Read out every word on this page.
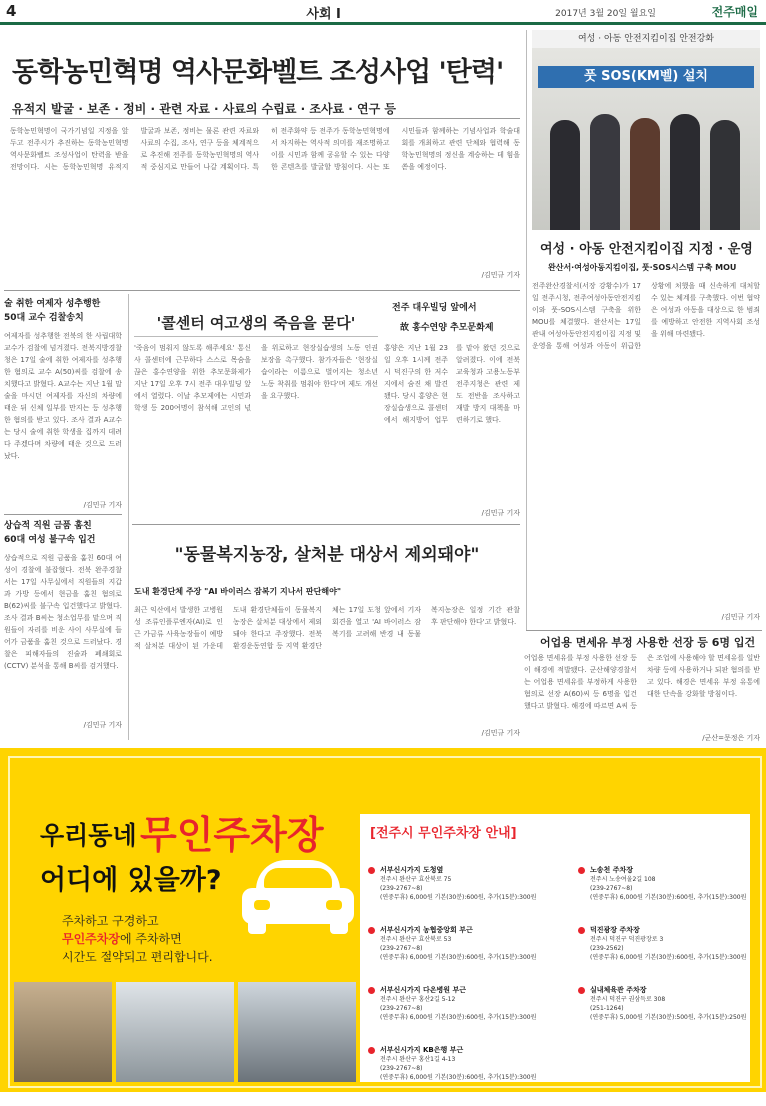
4	사회 I	2017년 3월 20일 월요일	전주매일
동학농민혁명 역사문화벨트 조성사업 '탄력'
유적지 발굴 · 보존 · 정비 · 관련 자료 · 사료의 수립료 · 조사료 · 연구 등
동학농민혁명이 국가기념일 지정을 앞두고 전주시가 추진하는 동학농민혁명 역사문화벨트 조성사업이 탄력을 받을 전망이다. 시는 동학농민혁명 유적지 발굴과 보존, 정비는 물론 관련 자료와 사료의 수집, 조사, 연구 등을 체계적으로 추진해 전주를 동학농민혁명의 역사적 중심지로 만들어 나갈 계획이다. 특히 전주화약 등 전주가 동학농민혁명에서 차지하는 역사적 의미를 재조명하고 이를 시민과 함께 공유할 수 있는 다양한 콘텐츠를 발굴할 방침이다. 시는 또 시민들과 함께하는 기념사업과 학술대회를 개최하고 관련 단체와 협력해 동학농민혁명의 정신을 계승하는 데 힘을 쏟을 예정이다.
/김민규 기자
여성 · 아동 안전지킴이집 안전강화
풋 SOS(KM벨) 설치
여성 · 아동 안전지킴이집 지정 · 운영
완산서·여성아동지킴이집, 풋·SOS시스템 구축 MOU
전주완산경찰서(서장 강황수)가 17일 전주시청, 전주여성아동안전지킴이와 풋-SOS시스템 구축을 위한 MOU를 체결했다. 완산서는 17일 관내 여성아동안전지킴이집 지정 및 운영을 통해 여성과 아동이 위급한 상황에 처했을 때 신속하게 대처할 수 있는 체계를 구축했다. 이번 협약은 여성과 아동을 대상으로 한 범죄를 예방하고 안전한 지역사회 조성을 위해 마련됐다.
/김민규 기자
술 취한 여제자 성추행한
50대 교수 검찰송치
여제자를 성추행한 전북의 한 사립대학 교수가 검찰에 넘겨졌다. 전북지방경찰청은 17일 술에 취한 여제자를 성추행한 혐의로 교수 A(50)씨를 검찰에 송치했다고 밝혔다. A교수는 지난 1월 말 술을 마시던 여제자를 자신의 차량에 태운 뒤 신체 일부를 만지는 등 성추행한 혐의를 받고 있다. 조사 결과 A교수는 당시 술에 취한 학생을 집까지 데려다 주겠다며 차량에 태운 것으로 드러났다.
/김민규 기자
상습적 직원 금품 훔친
60대 여성 불구속 입건
상습적으로 직원 금품을 훔친 60대 여성이 경찰에 불잡혔다. 전북 완주경찰서는 17일 사무실에서 직원들의 지갑과 가방 등에서 현금을 훔친 혐의로 B(62)씨를 불구속 입건했다고 밝혔다. 조사 결과 B씨는 청소업무를 맡으며 직원들이 자리를 비운 사이 사무실에 들어가 금품을 훔친 것으로 드러났다. 경찰은 피해자들의 진술과 폐쇄회로(CCTV) 분석을 통해 B씨를 검거했다.
/김민규 기자
'콜센터 여고생의 죽음을 묻다'
전주 대우빌딩 앞에서
故 홍수연양 추모문화제
'죽음이 멈춰지 않도록 해주세요' 통신사 콜센터에 근무하다 스스로 목숨을 끊은 홍수연양을 위한 추모문화제가 지난 17일 오후 7시 전주 대우빌딩 앞에서 열렸다. 이날 추모제에는 시민과 학생 등 200여명이 참석해 고인의 넋을 위로하고 현장실습생의 노동 인권 보장을 촉구했다. 참가자들은 '현장실습이라는 이름으로 벌어지는 청소년 노동 착취를 멈춰야 한다'며 제도 개선을 요구했다.
홍양은 지난 1월 23일 오후 1시께 전주시 덕진구의 한 저수지에서 숨진 채 발견됐다. 당시 홍양은 현장실습생으로 콜센터에서 해지방어 업무를 맡아 왔던 것으로 알려졌다. 이에 전북교육청과 고용노동부 전주지청은 관련 제도 전반을 조사하고 재발 방지 대책을 마련하기로 했다.
/김민규 기자
"동물복지농장, 살처분 대상서 제외돼야"
도내 환경단체 주장 "AI 바이러스 잠복기 지나서 판단해야"
최근 익산에서 발생한 고병원성 조류인플루엔자(AI)로 인근 가금류 사육농장들이 예방적 살처분 대상이 된 가운데 도내 환경단체들이 동물복지농장은 살처분 대상에서 제외돼야 한다고 주장했다. 전북환경운동연합 등 지역 환경단체는 17일 도청 앞에서 기자회견을 열고 'AI 바이러스 잠복기를 고려해 반경 내 동물복지농장은 일정 기간 관찰 후 판단해야 한다'고 밝혔다.
/김민규 기자
어업용 면세유 부정 사용한 선장 등 6명 입건
어업용 면세유를 부정 사용한 선장 등이 해경에 적발됐다. 군산해양경찰서는 어업용 면세유를 부정하게 사용한 혐의로 선장 A(60)씨 등 6명을 입건했다고 밝혔다. 해경에 따르면 A씨 등은 조업에 사용해야 할 면세유를 일반 차량 등에 사용하거나 되판 혐의를 받고 있다. 해경은 면세유 부정 유통에 대한 단속을 강화할 방침이다.
/군산=문정은 기자
우리동네 무인주차장
어디에 있을까?
주차하고 구경하고
무인주차장에 주차하면
시간도 절약되고 편리합니다.
[전주시 무인주차장 안내]
서부신시가지 도청옆
전주시 완산구 효산북로 75
(239-2767~8)
(연중무휴) 6,000원 기본(30분):600원, 추가(15분):300원
서부신시가지 농협중앙회 부근
전주시 완산구 효산북로 53
(239-2767~8)
(연중무휴) 6,000원 기본(30분):600원, 추가(15분):300원
서부신시가지 다온병원 부근
전주시 완산구 홍산2길 5-12
(239-2767~8)
(연중무휴) 6,000원 기본(30분):600원, 추가(15분):300원
서부신시가지 KB은행 부근
전주시 완산구 홍산1길 4-13
(239-2767~8)
(연중무휴) 6,000원 기본(30분):600원, 추가(15분):300원
노송천 주차장
전주시 노송여울2길 108
(239-2767~8)
(연중무휴) 6,000원 기본(30분):600원, 추가(15분):300원
덕진광장 주차장
전주시 덕진구 덕진광장로 3
(239-2562)
(연중무휴) 6,000원 기본(30분):600원, 추가(15분):300원
실내체육관 주차장
전주시 덕진구 권삼득로 308
(251-1264)
(연중무휴) 5,000원 기본(30분):500원, 추가(15분):250원
